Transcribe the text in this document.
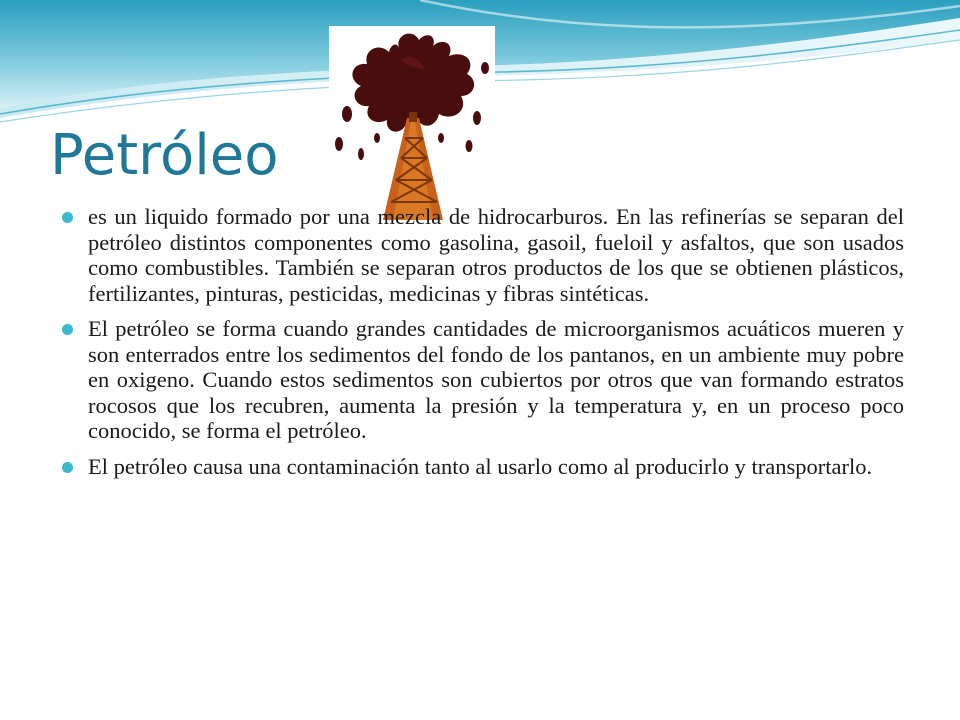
Petróleo
es un liquido formado por una mezcla de hidrocarburos. En las refinerías se separan del petróleo distintos componentes como gasolina, gasoil, fueloil y asfaltos, que son usados como combustibles. También se separan otros productos de los que se obtienen plásticos, fertilizantes, pinturas, pesticidas, medicinas y fibras sintéticas.
El petróleo se forma cuando grandes cantidades de microorganismos acuáticos mueren y son enterrados entre los sedimentos del fondo de los pantanos, en un ambiente muy pobre en oxigeno. Cuando estos sedimentos son cubiertos por otros que van formando estratos rocosos que los recubren, aumenta la presión y la temperatura y, en un proceso poco conocido, se forma el petróleo.
El petróleo causa una contaminación tanto al usarlo como al producirlo y transportarlo.
